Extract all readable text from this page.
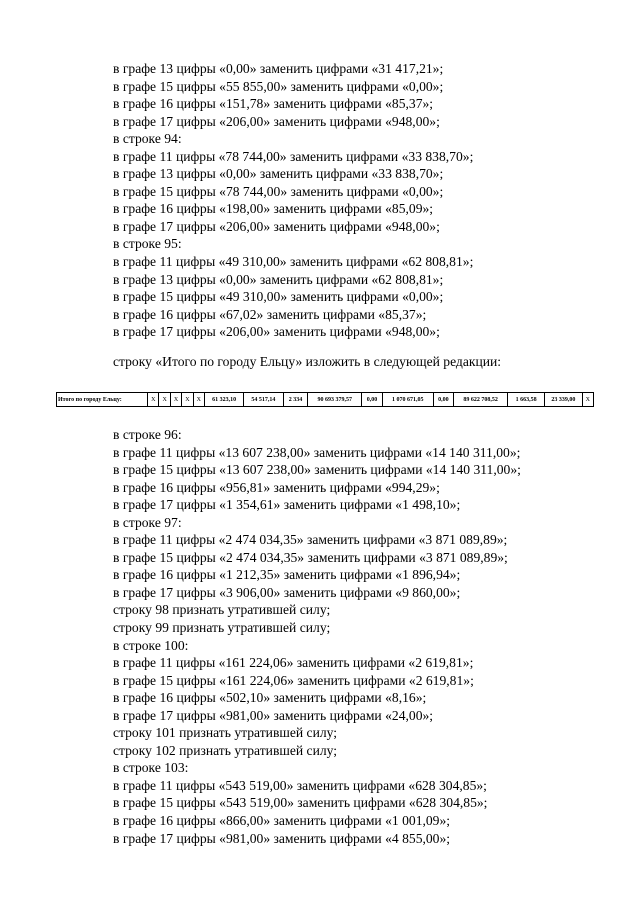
в графе 13 цифры «0,00» заменить цифрами «31 417,21»;
в графе 15 цифры «55 855,00» заменить цифрами «0,00»;
в графе 16 цифры «151,78» заменить цифрами «85,37»;
в графе 17 цифры «206,00» заменить цифрами «948,00»;
в строке 94:
в графе 11 цифры «78 744,00» заменить цифрами «33 838,70»;
в графе 13 цифры «0,00» заменить цифрами «33 838,70»;
в графе 15 цифры «78 744,00» заменить цифрами «0,00»;
в графе 16 цифры «198,00» заменить цифрами «85,09»;
в графе 17 цифры «206,00» заменить цифрами «948,00»;
в строке 95:
в графе 11 цифры «49 310,00» заменить цифрами «62 808,81»;
в графе 13 цифры «0,00» заменить цифрами «62 808,81»;
в графе 15 цифры «49 310,00» заменить цифрами «0,00»;
в графе 16 цифры «67,02» заменить цифрами «85,37»;
в графе 17 цифры «206,00» заменить цифрами «948,00»;
строку «Итого по городу Ельцу» изложить в следующей редакции:
Итого по городу Ельцу:	X	X	X	X	X	61 323,10	54 517,14	2 334	90 693 379,57	0,00	1 070 671,05	0,00	89 622 708,52	1 663,58	23 339,00	X
в строке 96:
в графе 11 цифры «13 607 238,00» заменить цифрами «14 140 311,00»;
в графе 15 цифры «13 607 238,00» заменить цифрами «14 140 311,00»;
в графе 16 цифры «956,81» заменить цифрами «994,29»;
в графе 17 цифры «1 354,61» заменить цифрами «1 498,10»;
в строке 97:
в графе 11 цифры «2 474 034,35» заменить цифрами «3 871 089,89»;
в графе 15 цифры «2 474 034,35» заменить цифрами «3 871 089,89»;
в графе 16 цифры «1 212,35» заменить цифрами «1 896,94»;
в графе 17 цифры «3 906,00» заменить цифрами «9 860,00»;
строку 98 признать утратившей силу;
строку 99 признать утратившей силу;
в строке 100:
в графе 11 цифры «161 224,06» заменить цифрами «2 619,81»;
в графе 15 цифры «161 224,06» заменить цифрами «2 619,81»;
в графе 16 цифры «502,10» заменить цифрами «8,16»;
в графе 17 цифры «981,00» заменить цифрами «24,00»;
строку 101 признать утратившей силу;
строку 102 признать утратившей силу;
в строке 103:
в графе 11 цифры «543 519,00» заменить цифрами «628 304,85»;
в графе 15 цифры «543 519,00» заменить цифрами «628 304,85»;
в графе 16 цифры «866,00» заменить цифрами «1 001,09»;
в графе 17 цифры «981,00» заменить цифрами «4 855,00»;
